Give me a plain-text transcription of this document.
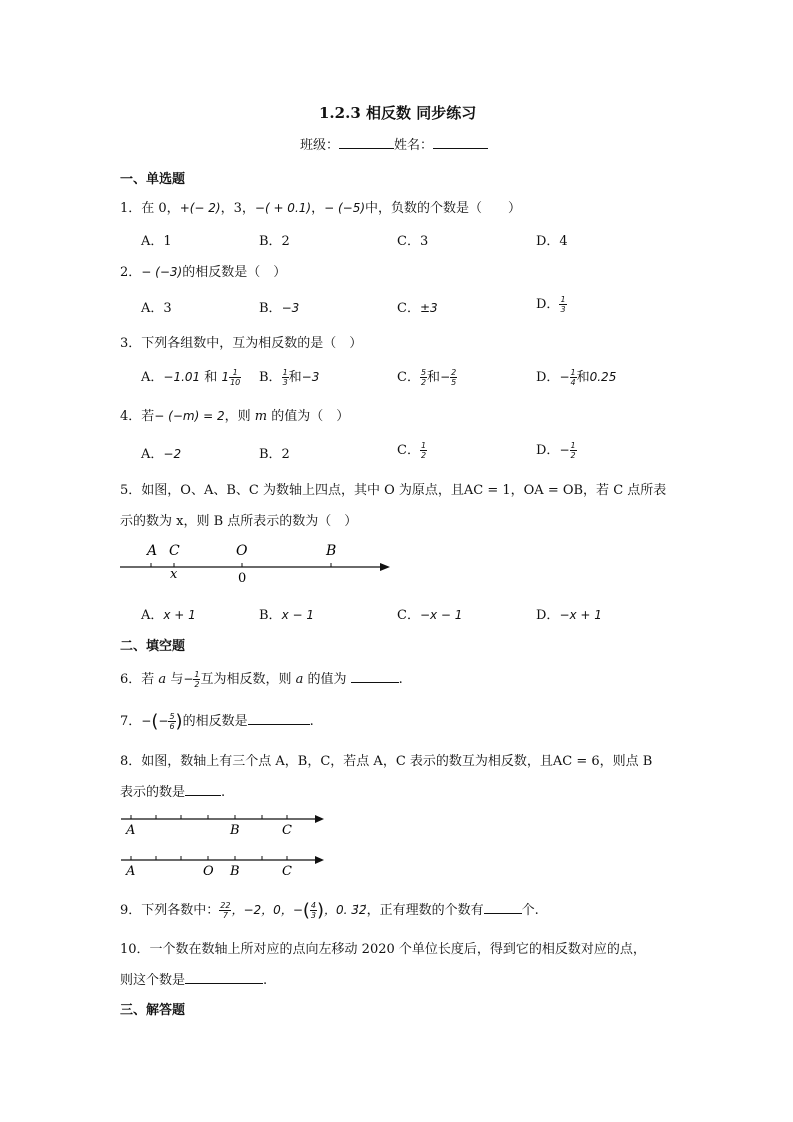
1.2.3 相反数 同步练习
班级：	姓名：
一、单选题
1．在 0，+(− 2)，3，−( + 0.1)，− (−5)中，负数的个数是（　　）
A．1	B．2	C．3	D．4
2．− (−3)的相反数是（　）
A．3	B．−3	C．±3	D． $\frac{1}{3}$
3．下列各组数中，互为相反数的是（　）
A．−1.01 和 $1 \frac{1}{10}$ B． $\frac{1}{3}$ 和−3	C． $\frac{5}{2}$ 和− $\frac{2}{5}$	D．− $\frac{1}{4}$ 和0.25
4．若− (−m) = 2，则 m 的值为（　）
A．−2	B．2	C． $\frac{1}{2}$	D．− $\frac{1}{2}$
5．如图，O、A、B、C 为数轴上四点，其中 O 为原点，且AC = 1，OA = OB，若 C 点所表
示的数为 x，则 B 点所表示的数为（　）
A C	O	B
x	0
A．x + 1	B．x − 1	C．−x − 1	D．−x + 1
二、填空题
6．若 a 与− $\frac{1}{2}$ 互为相反数，则 a 的值为	.
7．−(− $\frac{5}{6}$ )的相反数是	.
8．如图，数轴上有三个点 A，B，C，若点 A，C 表示的数互为相反数，且AC = 6，则点 B
表示的数是	.
A	B	C
A	O B	C
9．下列各数中： $\frac{22}{7}$ ，−2，0，−( $\frac{4}{3}$ )，0. 3̇2̇，正有理数的个数有	个.
10．一个数在数轴上所对应的点向左移动 2020 个单位长度后，得到它的相反数对应的点，
则这个数是	.
三、解答题
